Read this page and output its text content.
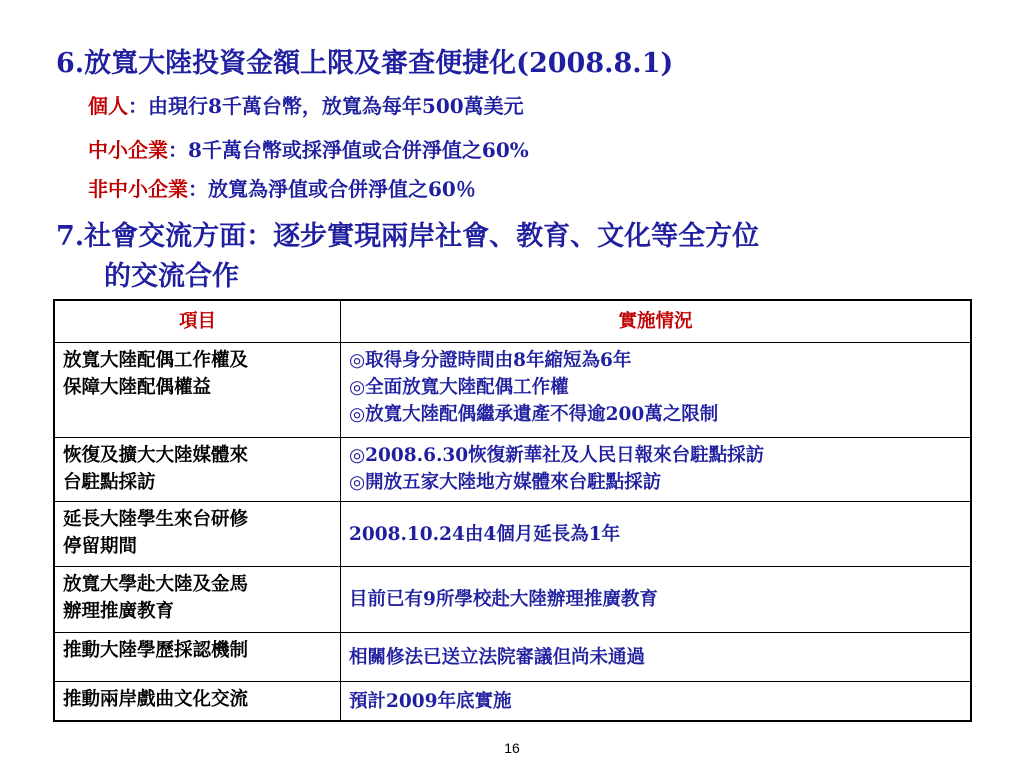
6.放寬大陸投資金額上限及審查便捷化(2008.8.1)
個人：由現行8千萬台幣，放寬為每年500萬美元
中小企業：8千萬台幣或採淨值或合併淨值之60%
非中小企業：放寬為淨值或合併淨值之60％
7.社會交流方面：逐步實現兩岸社會、教育、文化等全方位
的交流合作
項目	實施情況

放寬大陸配偶工作權及
保障大陸配偶權益	◎取得身分證時間由8年縮短為6年
◎全面放寬大陸配偶工作權
◎放寬大陸配偶繼承遺產不得逾200萬之限制

恢復及擴大大陸媒體來
台駐點採訪	◎2008.6.30恢復新華社及人民日報來台駐點採訪
◎開放五家大陸地方媒體來台駐點採訪

延長大陸學生來台研修
停留期間	2008.10.24由4個月延長為1年

放寬大學赴大陸及金馬
辦理推廣教育	目前已有9所學校赴大陸辦理推廣教育

推動大陸學歷採認機制	相關修法已送立法院審議但尚未通過

推動兩岸戲曲文化交流	預計2009年底實施
16
